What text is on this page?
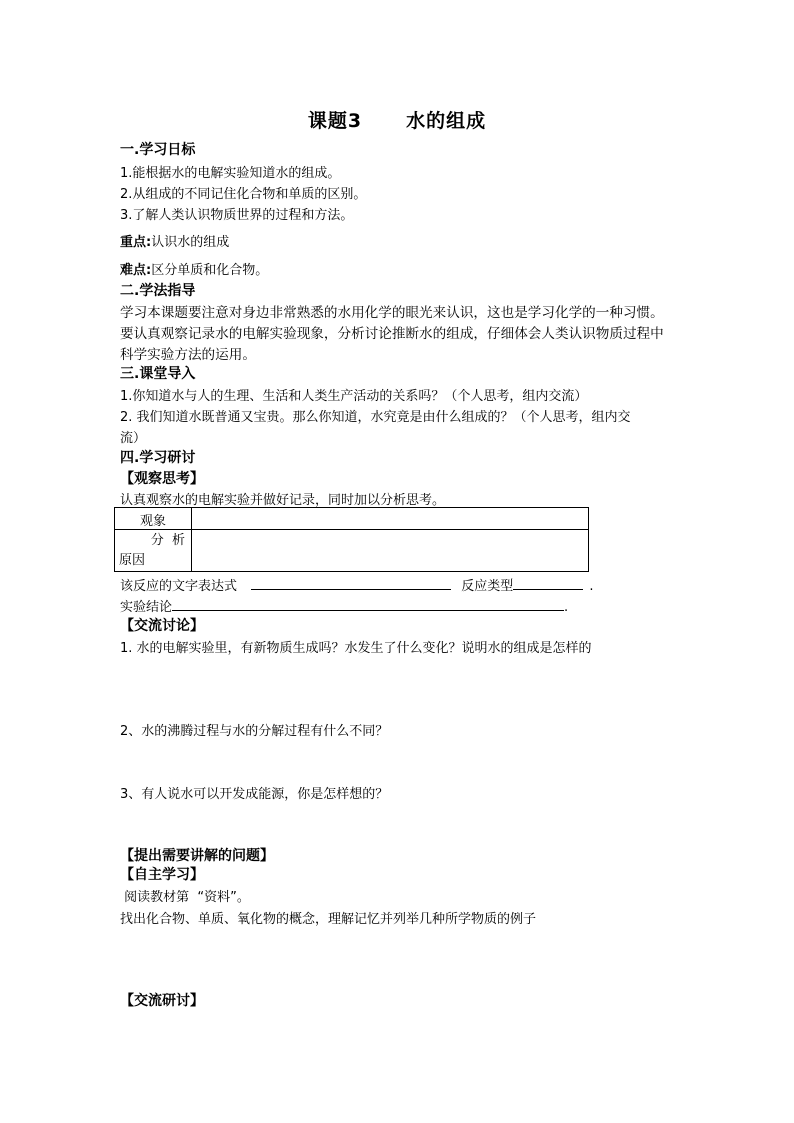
课题3 水的组成
一.学习日标
1.能根据水的电解实验知道水的组成。
2.从组成的不同记住化合物和单质的区别。
3.了解人类认识物质世界的过程和方法。
重点:认识水的组成
难点:区分单质和化合物。
二.学法指导
学习本课题要注意对身边非常熟悉的水用化学的眼光来认识，这也是学习化学的一种习惯。
要认真观察记录水的电解实验现象，分析讨论推断水的组成，仔细体会人类认识物质过程中
科学实验方法的运用。
三.课堂导入
1.你知道水与人的生理、生活和人类生产活动的关系吗？（个人思考，组内交流）
2. 我们知道水既普通又宝贵。那么你知道，水究竟是由什么组成的？（个人思考，组内交
流）
四.学习研讨
【观察思考】
认真观察水的电解实验并做好记录，同时加以分析思考。
观象	

分  析
原因	

该反应的文字表达式	反应类型	.
实验结论	.
【交流讨论】
1. 水的电解实验里，有新物质生成吗？水发生了什么变化？说明水的组成是怎样的
2、水的沸腾过程与水的分解过程有什么不同？
3、有人说水可以开发成能源，你是怎样想的？
【提出需要讲解的问题】
【自主学习】
阅读教材第  “资料”。
找出化合物、单质、氧化物的概念，理解记忆并列举几种所学物质的例子
【交流研讨】
